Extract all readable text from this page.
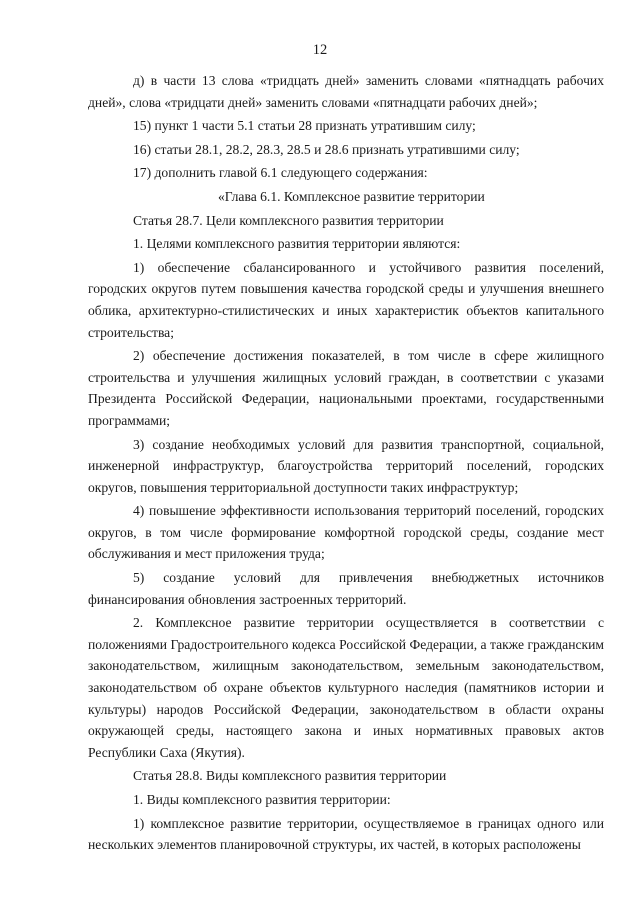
12

д) в части 13 слова «тридцать дней» заменить словами «пятнадцать рабочих дней», слова «тридцати дней» заменить словами «пятнадцати рабочих дней»;

15) пункт 1 части 5.1 статьи 28 признать утратившим силу;

16) статьи 28.1, 28.2, 28.3, 28.5 и 28.6 признать утратившими силу;

17) дополнить главой 6.1 следующего содержания:

«Глава 6.1. Комплексное развитие территории

Статья 28.7. Цели комплексного развития территории

1. Целями комплексного развития территории являются:

1) обеспечение сбалансированного и устойчивого развития поселений, городских округов путем повышения качества городской среды и улучшения внешнего облика, архитектурно-стилистических и иных характеристик объектов капитального строительства;

2) обеспечение достижения показателей, в том числе в сфере жилищного строительства и улучшения жилищных условий граждан, в соответствии с указами Президента Российской Федерации, национальными проектами, государственными программами;

3) создание необходимых условий для развития транспортной, социальной, инженерной инфраструктур, благоустройства территорий поселений, городских округов, повышения территориальной доступности таких инфраструктур;

4) повышение эффективности использования территорий поселений, городских округов, в том числе формирование комфортной городской среды, создание мест обслуживания и мест приложения труда;

5) создание условий для привлечения внебюджетных источников финансирования обновления застроенных территорий.

2. Комплексное развитие территории осуществляется в соответствии с положениями Градостроительного кодекса Российской Федерации, а также гражданским законодательством, жилищным законодательством, земельным законодательством, законодательством об охране объектов культурного наследия (памятников истории и культуры) народов Российской Федерации, законодательством в области охраны окружающей среды, настоящего закона и иных нормативных правовых актов Республики Саха (Якутия).

Статья 28.8. Виды комплексного развития территории

1. Виды комплексного развития территории:

1) комплексное развитие территории, осуществляемое в границах одного или нескольких элементов планировочной структуры, их частей, в которых расположены
